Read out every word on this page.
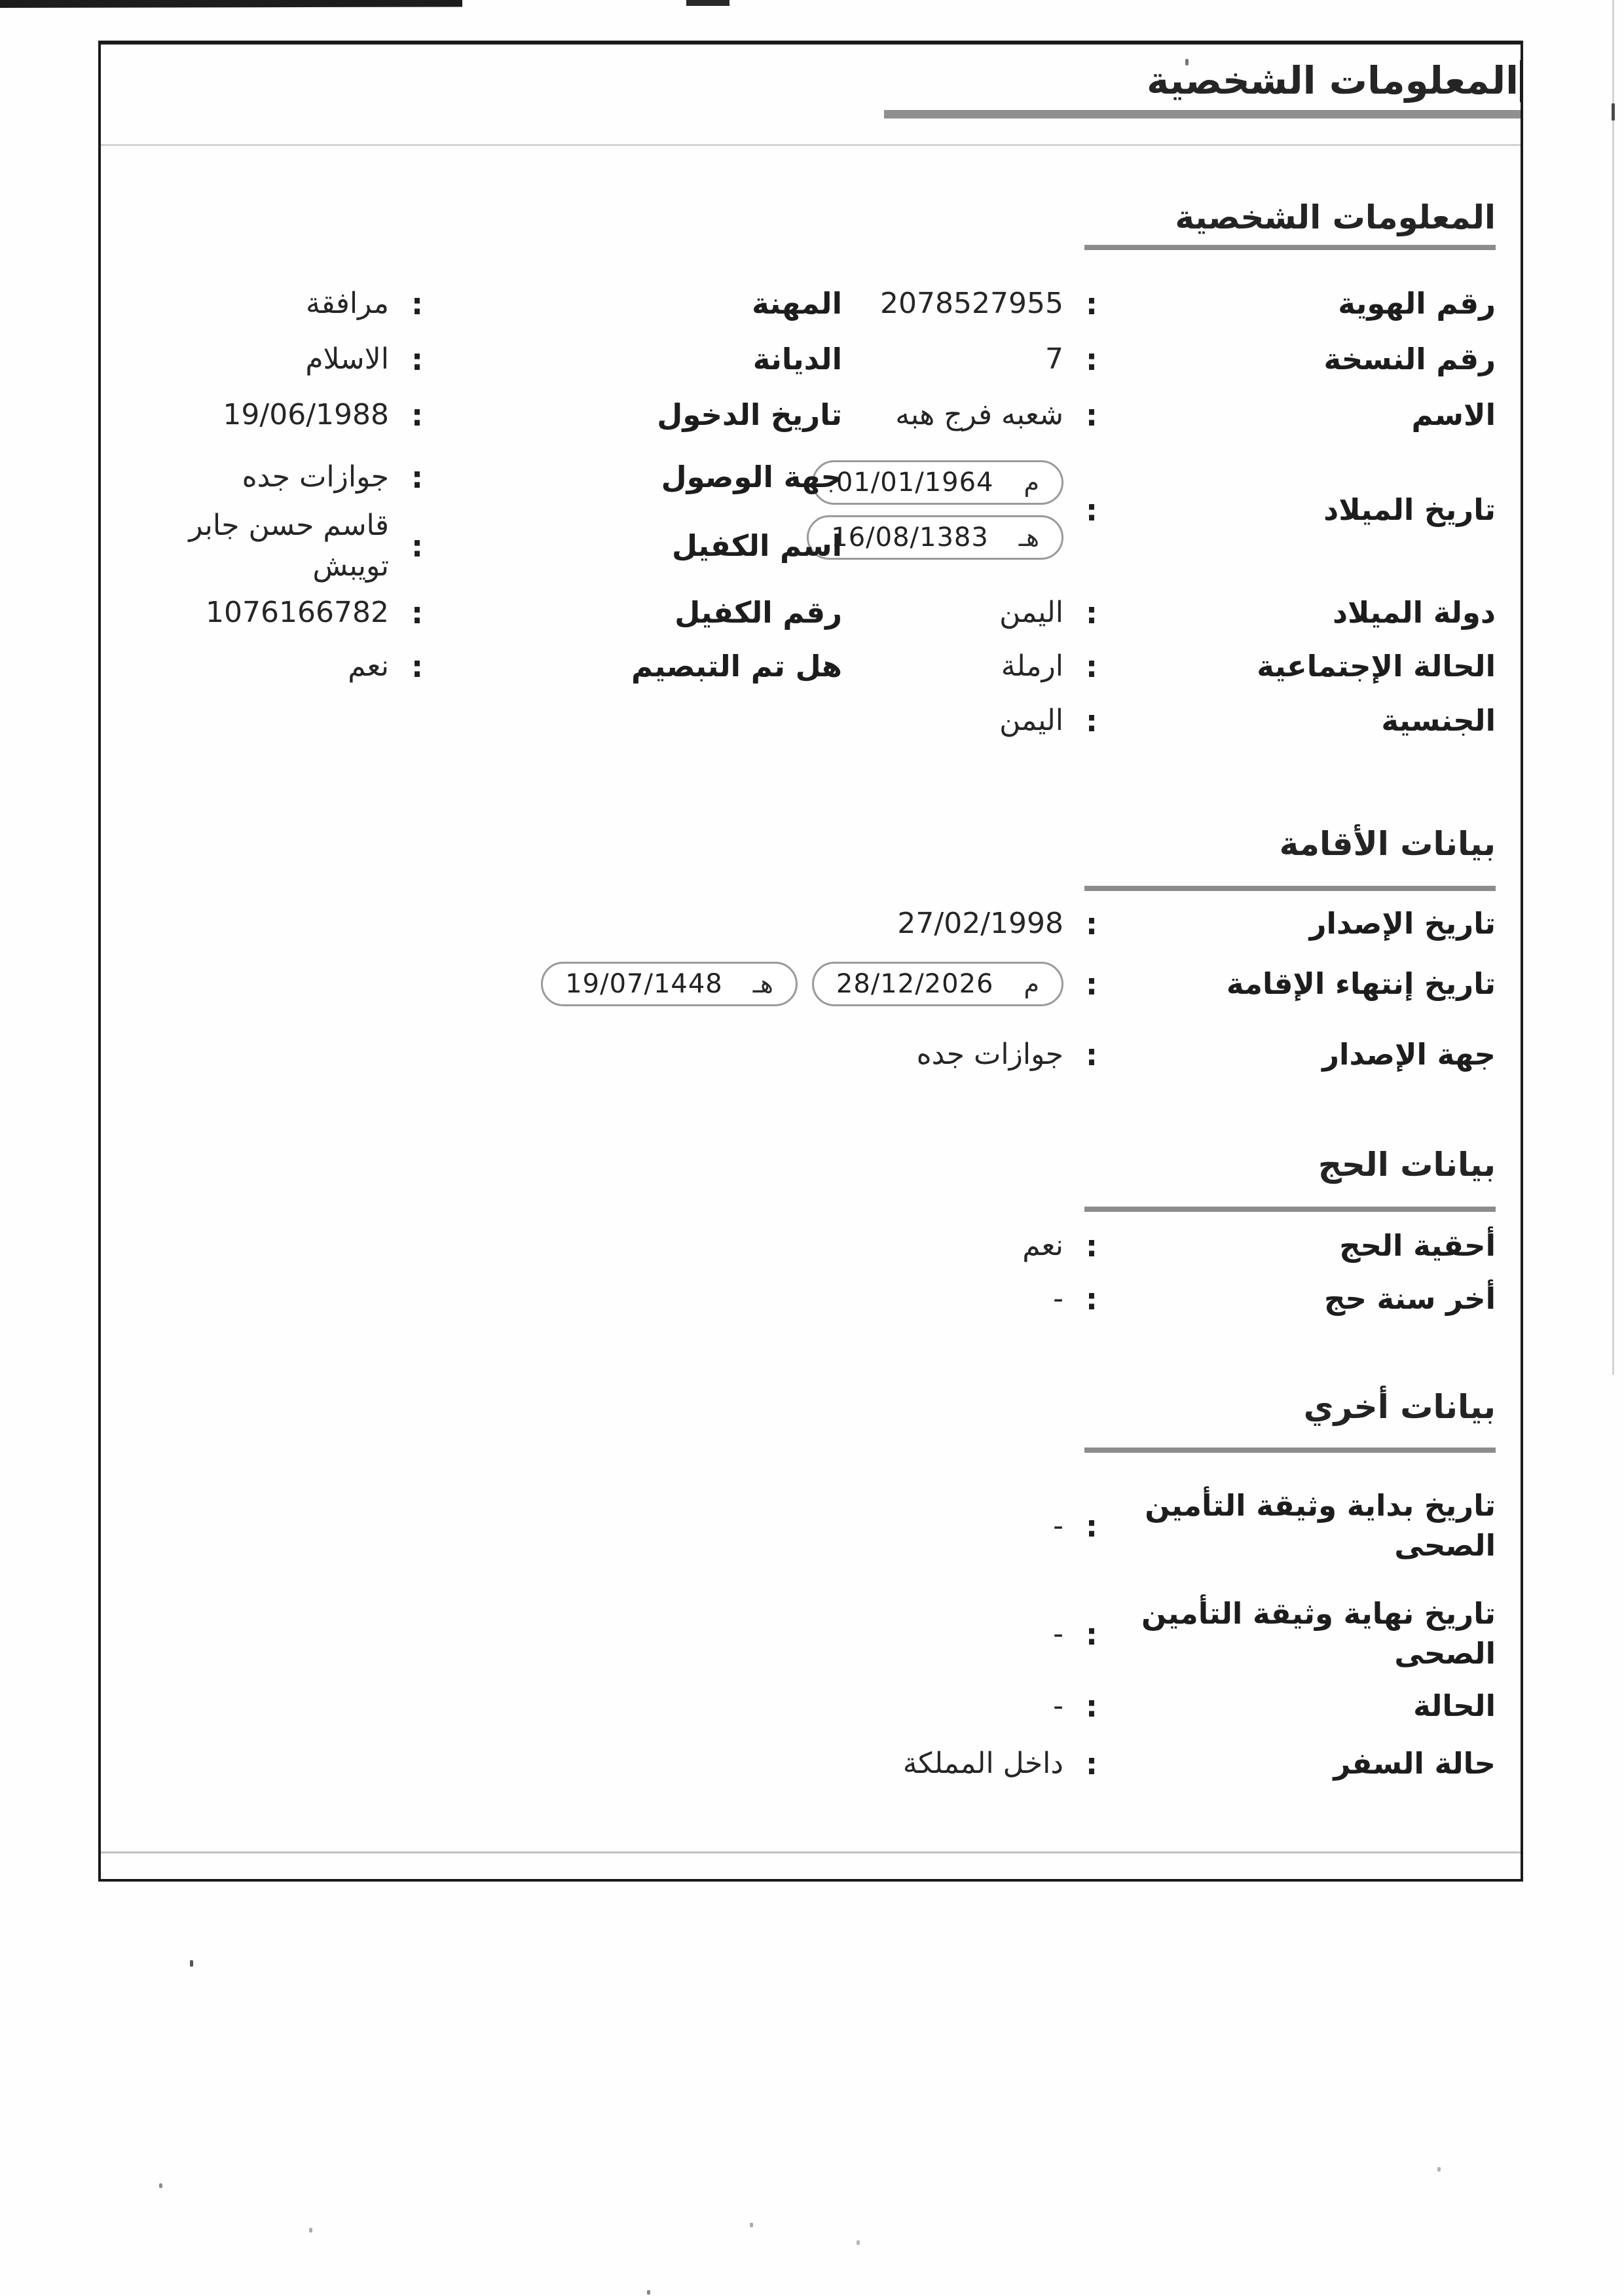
المعلومات الشخصية
المعلومات الشخصية
رقم الهوية
:
2078527955
رقم النسخة
:
7
الاسم
:
شعبه فرج هبه
تاريخ الميلاد
:
م
01/01/1964
هـ
16/08/1383
دولة الميلاد
:
اليمن
الحالة الإجتماعية
:
ارملة
الجنسية
:
اليمن
المهنة
:
مرافقة
الديانة
:
الاسلام
تاريخ الدخول
:
19/06/1988
جهة الوصول
:
جوازات جده
اسم الكفيل
:
قاسم حسن جابر تويبش
رقم الكفيل
:
1076166782
هل تم التبصيم
:
نعم
بيانات الأقامة
تاريخ الإصدار
:
27/02/1998
تاريخ إنتهاء الإقامة
:
م
28/12/2026
هـ
19/07/1448
جهة الإصدار
:
جوازات جده
بيانات الحج
أحقية الحج
:
نعم
أخر سنة حج
:
-
بيانات أخري
تاريخ بداية وثيقة التأمين الصحى
:
-
تاريخ نهاية وثيقة التأمين الصحى
:
-
الحالة
:
-
حالة السفر
:
داخل المملكة
